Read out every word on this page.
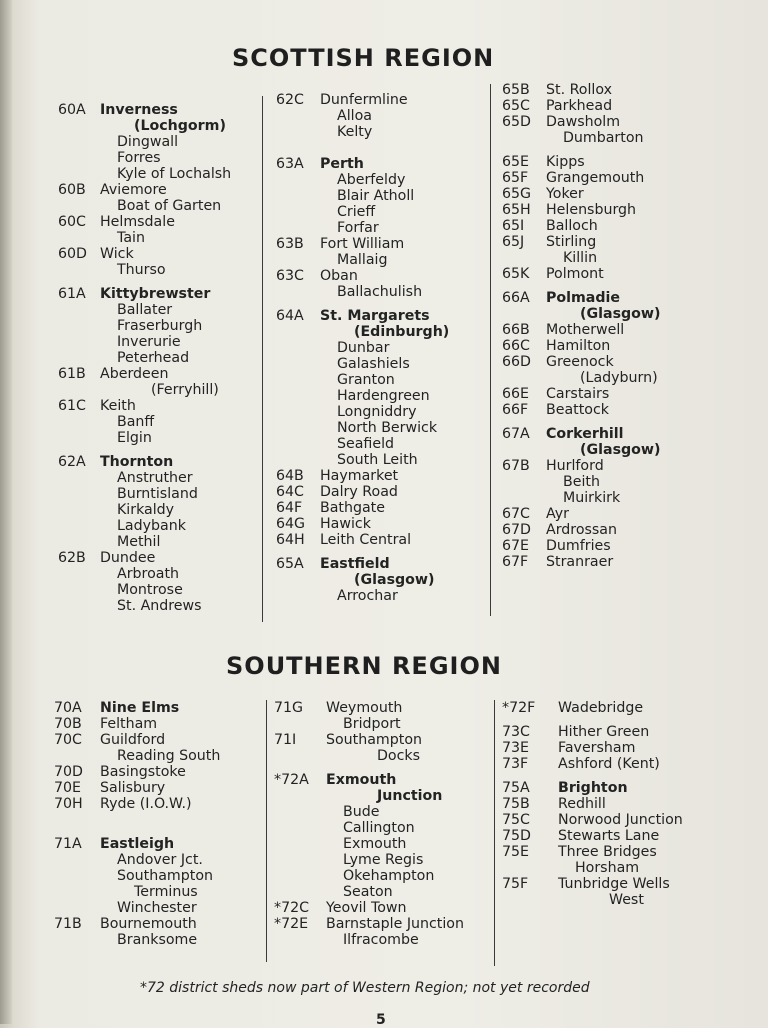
SCOTTISH REGION
SOUTHERN REGION
60A Inverness
(Lochgorm)
Dingwall
Forres
Kyle of Lochalsh
60B Aviemore
Boat of Garten
60C Helmsdale
Tain
60D Wick
Thurso
61A Kittybrewster
Ballater
Fraserburgh
Inverurie
Peterhead
61B Aberdeen
(Ferryhill)
61C Keith
Banff
Elgin
62A Thornton
Anstruther
Burntisland
Kirkaldy
Ladybank
Methil
62B Dundee
Arbroath
Montrose
St. Andrews
62C Dunfermline
Alloa
Kelty
63A Perth
Aberfeldy
Blair Atholl
Crieff
Forfar
63B Fort William
Mallaig
63C Oban
Ballachulish
64A St. Margarets
(Edinburgh)
Dunbar
Galashiels
Granton
Hardengreen
Longniddry
North Berwick
Seafield
South Leith
64B Haymarket
64C Dalry Road
64F Bathgate
64G Hawick
64H Leith Central
65A Eastfield
(Glasgow)
Arrochar
65B St. Rollox
65C Parkhead
65D Dawsholm
Dumbarton
65E Kipps
65F Grangemouth
65G Yoker
65H Helensburgh
65I Balloch
65J Stirling
Killin
65K Polmont
66A Polmadie
(Glasgow)
66B Motherwell
66C Hamilton
66D Greenock
(Ladyburn)
66E Carstairs
66F Beattock
67A Corkerhill
(Glasgow)
67B Hurlford
Beith
Muirkirk
67C Ayr
67D Ardrossan
67E Dumfries
67F Stranraer
70A Nine Elms
70B Feltham
70C Guildford
Reading South
70D Basingstoke
70E Salisbury
70H Ryde (I.O.W.)
71A Eastleigh
Andover Jct.
Southampton
Terminus
Winchester
71B Bournemouth
Branksome
71G Weymouth
Bridport
71I Southampton
Docks
*72A Exmouth
Junction
Bude
Callington
Exmouth
Lyme Regis
Okehampton
Seaton
*72C Yeovil Town
*72E Barnstaple Junction
Ilfracombe
*72F Wadebridge
73C Hither Green
73E Faversham
73F Ashford (Kent)
75A Brighton
75B Redhill
75C Norwood Junction
75D Stewarts Lane
75E Three Bridges
Horsham
75F Tunbridge Wells
West
*72 district sheds now part of Western Region; not yet recorded
5
